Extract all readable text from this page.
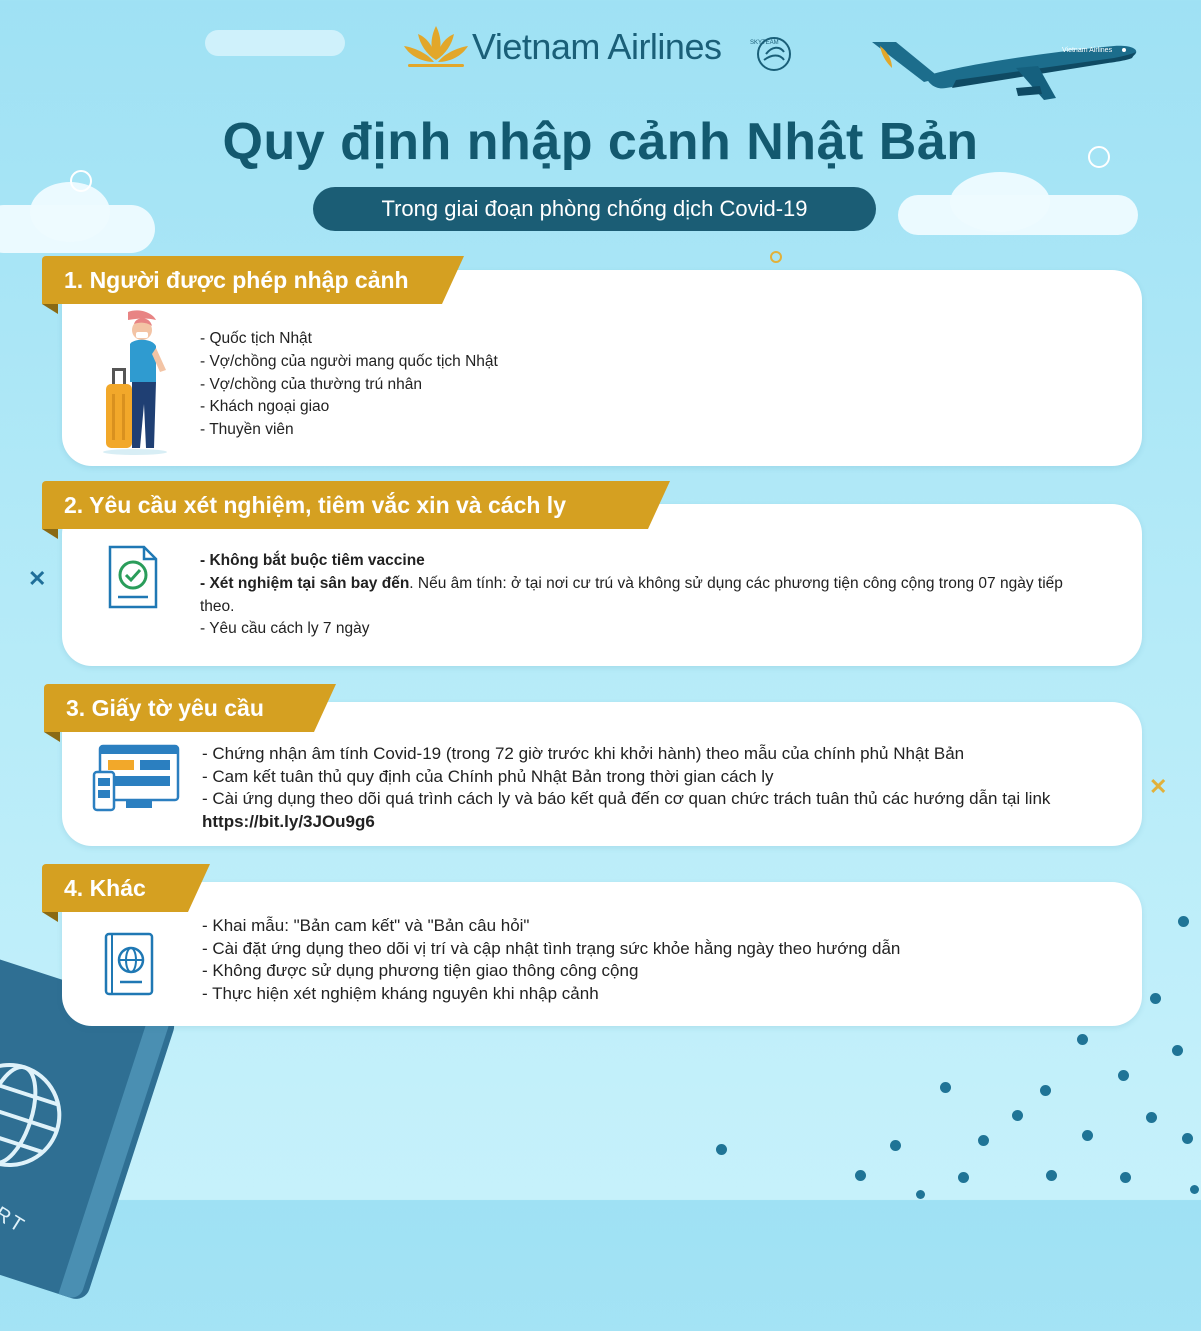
✕
✕
Vietnam Airlines	SKYTEAM
Vietnam Airlines
Quy định nhập cảnh Nhật Bản
Trong giai đoạn phòng chống dịch Covid-19
1. Người được phép nhập cảnh
- Quốc tịch Nhật
- Vợ/chồng của người mang quốc tịch Nhật
- Vợ/chồng của thường trú nhân
- Khách ngoại giao
- Thuyền viên
2. Yêu cầu xét nghiệm, tiêm vắc xin và cách ly
- Không bắt buộc tiêm vaccine
- Xét nghiệm tại sân bay đến. Nếu âm tính: ở tại nơi cư trú và không sử dụng các phương tiện công cộng trong 07 ngày tiếp theo.
- Yêu cầu cách ly 7 ngày
3. Giấy tờ yêu cầu
- Chứng nhận âm tính Covid-19 (trong 72 giờ trước khi khởi hành) theo mẫu của chính phủ Nhật Bản
- Cam kết tuân thủ quy định của Chính phủ Nhật Bản trong thời gian cách ly
- Cài ứng dụng theo dõi quá trình cách ly và báo kết quả đến cơ quan chức trách tuân thủ các hướng dẫn tại link https://bit.ly/3JOu9g6
4. Khác
- Khai mẫu: "Bản cam kết" và "Bản câu hỏi"
- Cài đặt ứng dụng theo dõi vị trí và cập nhật tình trạng sức khỏe hằng ngày theo hướng dẫn
- Không được sử dụng phương tiện giao thông công cộng
- Thực hiện xét nghiệm kháng nguyên khi nhập cảnh
